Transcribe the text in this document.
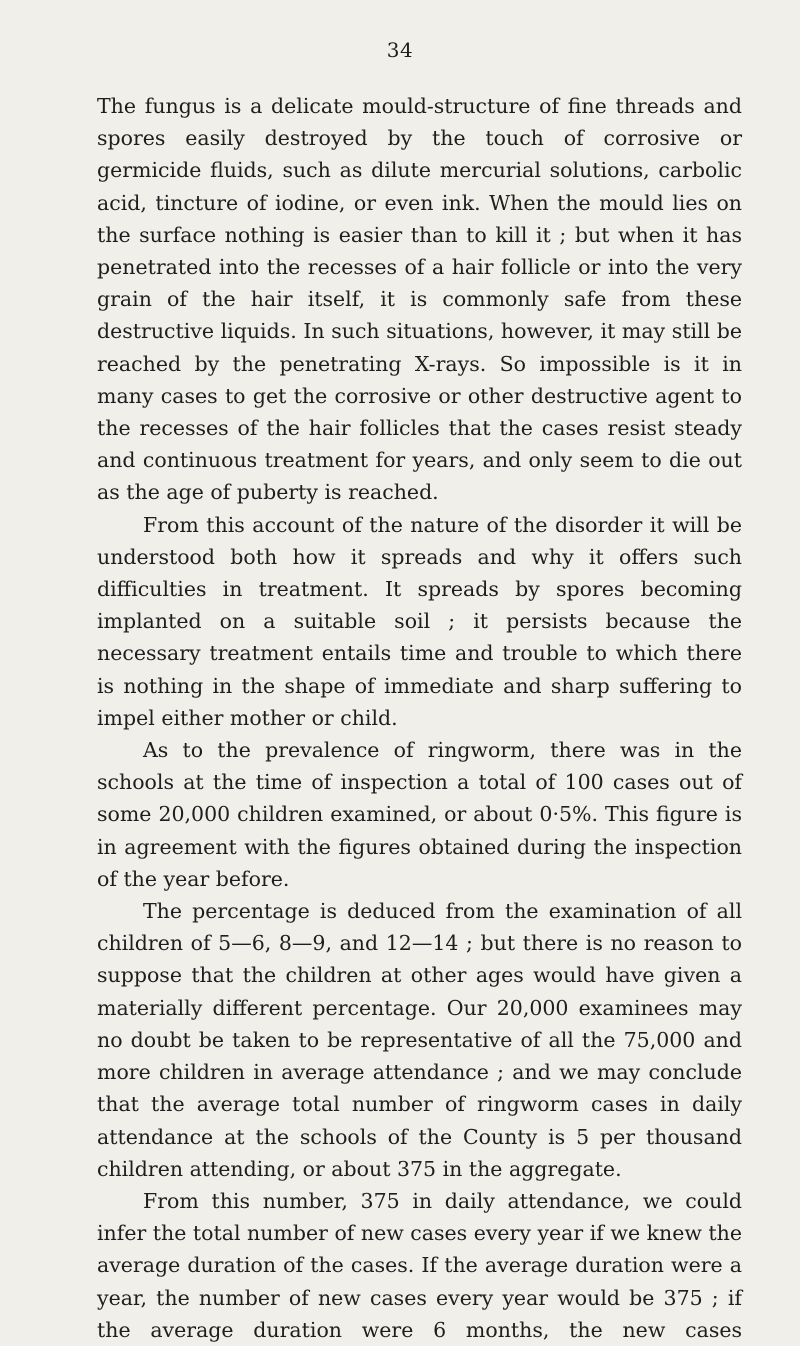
34

The fungus is a delicate mould-structure of fine threads and spores easily destroyed by the touch of corrosive or germicide fluids, such as dilute mercurial solutions, carbolic acid, tincture of iodine, or even ink. When the mould lies on the surface nothing is easier than to kill it ; but when it has penetrated into the recesses of a hair follicle or into the very grain of the hair itself, it is commonly safe from these destructive liquids. In such situations, however, it may still be reached by the penetrating X-rays. So impossible is it in many cases to get the corrosive or other destructive agent to the recesses of the hair follicles that the cases resist steady and continuous treatment for years, and only seem to die out as the age of puberty is reached.

From this account of the nature of the disorder it will be understood both how it spreads and why it offers such difficulties in treatment. It spreads by spores becoming implanted on a suitable soil ; it persists because the necessary treatment entails time and trouble to which there is nothing in the shape of immediate and sharp suffering to impel either mother or child.

As to the prevalence of ringworm, there was in the schools at the time of inspection a total of 100 cases out of some 20,000 children examined, or about 0·5%. This figure is in agreement with the figures obtained during the inspection of the year before.

The percentage is deduced from the examination of all children of 5—6, 8—9, and 12—14 ; but there is no reason to suppose that the children at other ages would have given a materially different percentage. Our 20,000 examinees may no doubt be taken to be representative of all the 75,000 and more children in average attendance ; and we may conclude that the average total number of ringworm cases in daily attendance at the schools of the County is 5 per thousand children attending, or about 375 in the aggregate.

From this number, 375 in daily attendance, we could infer the total number of new cases every year if we knew the average duration of the cases. If the average duration were a year, the number of new cases every year would be 375 ; if the average duration were 6 months, the new cases
